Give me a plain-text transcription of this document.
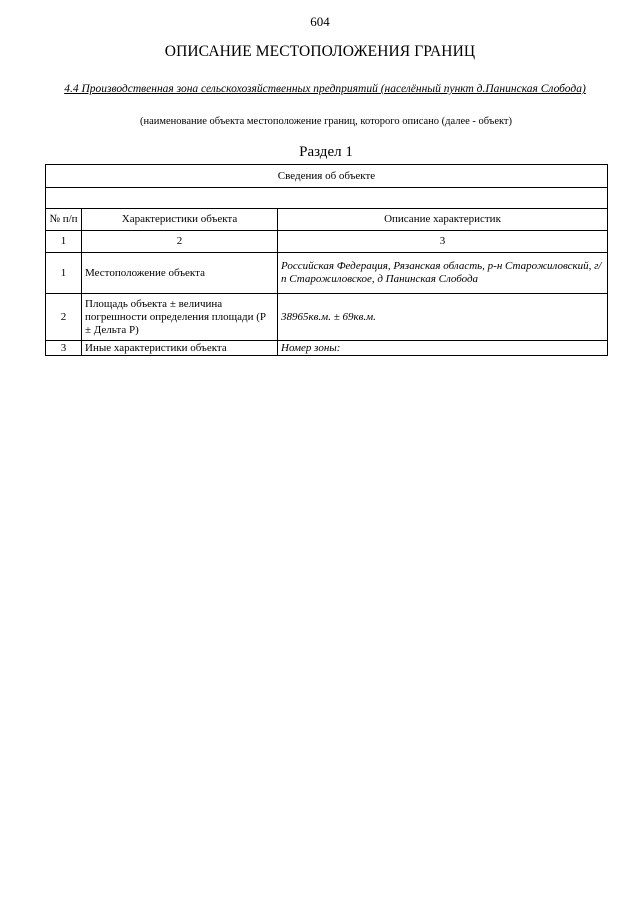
604
ОПИСАНИЕ МЕСТОПОЛОЖЕНИЯ ГРАНИЦ
4.4 Производственная зона сельскохозяйственных предприятий (населённый пункт д.Панинская Слобода)
(наименование объекта местоположение границ, которого описано (далее - объект)
Раздел 1
Сведения об объекте		

№ п/п	Характеристики объекта	Описание характеристик
1	2	3
1	Местоположение объекта	Российская Федерация, Рязанская область, р-н Старожиловский, г/п Старожиловское, д Панинская Слобода
2	Площадь объекта ± величина погрешности определения площади (Р ± Дельта Р)	38965кв.м. ± 69кв.м.
3	Иные характеристики объекта	Номер зоны:
